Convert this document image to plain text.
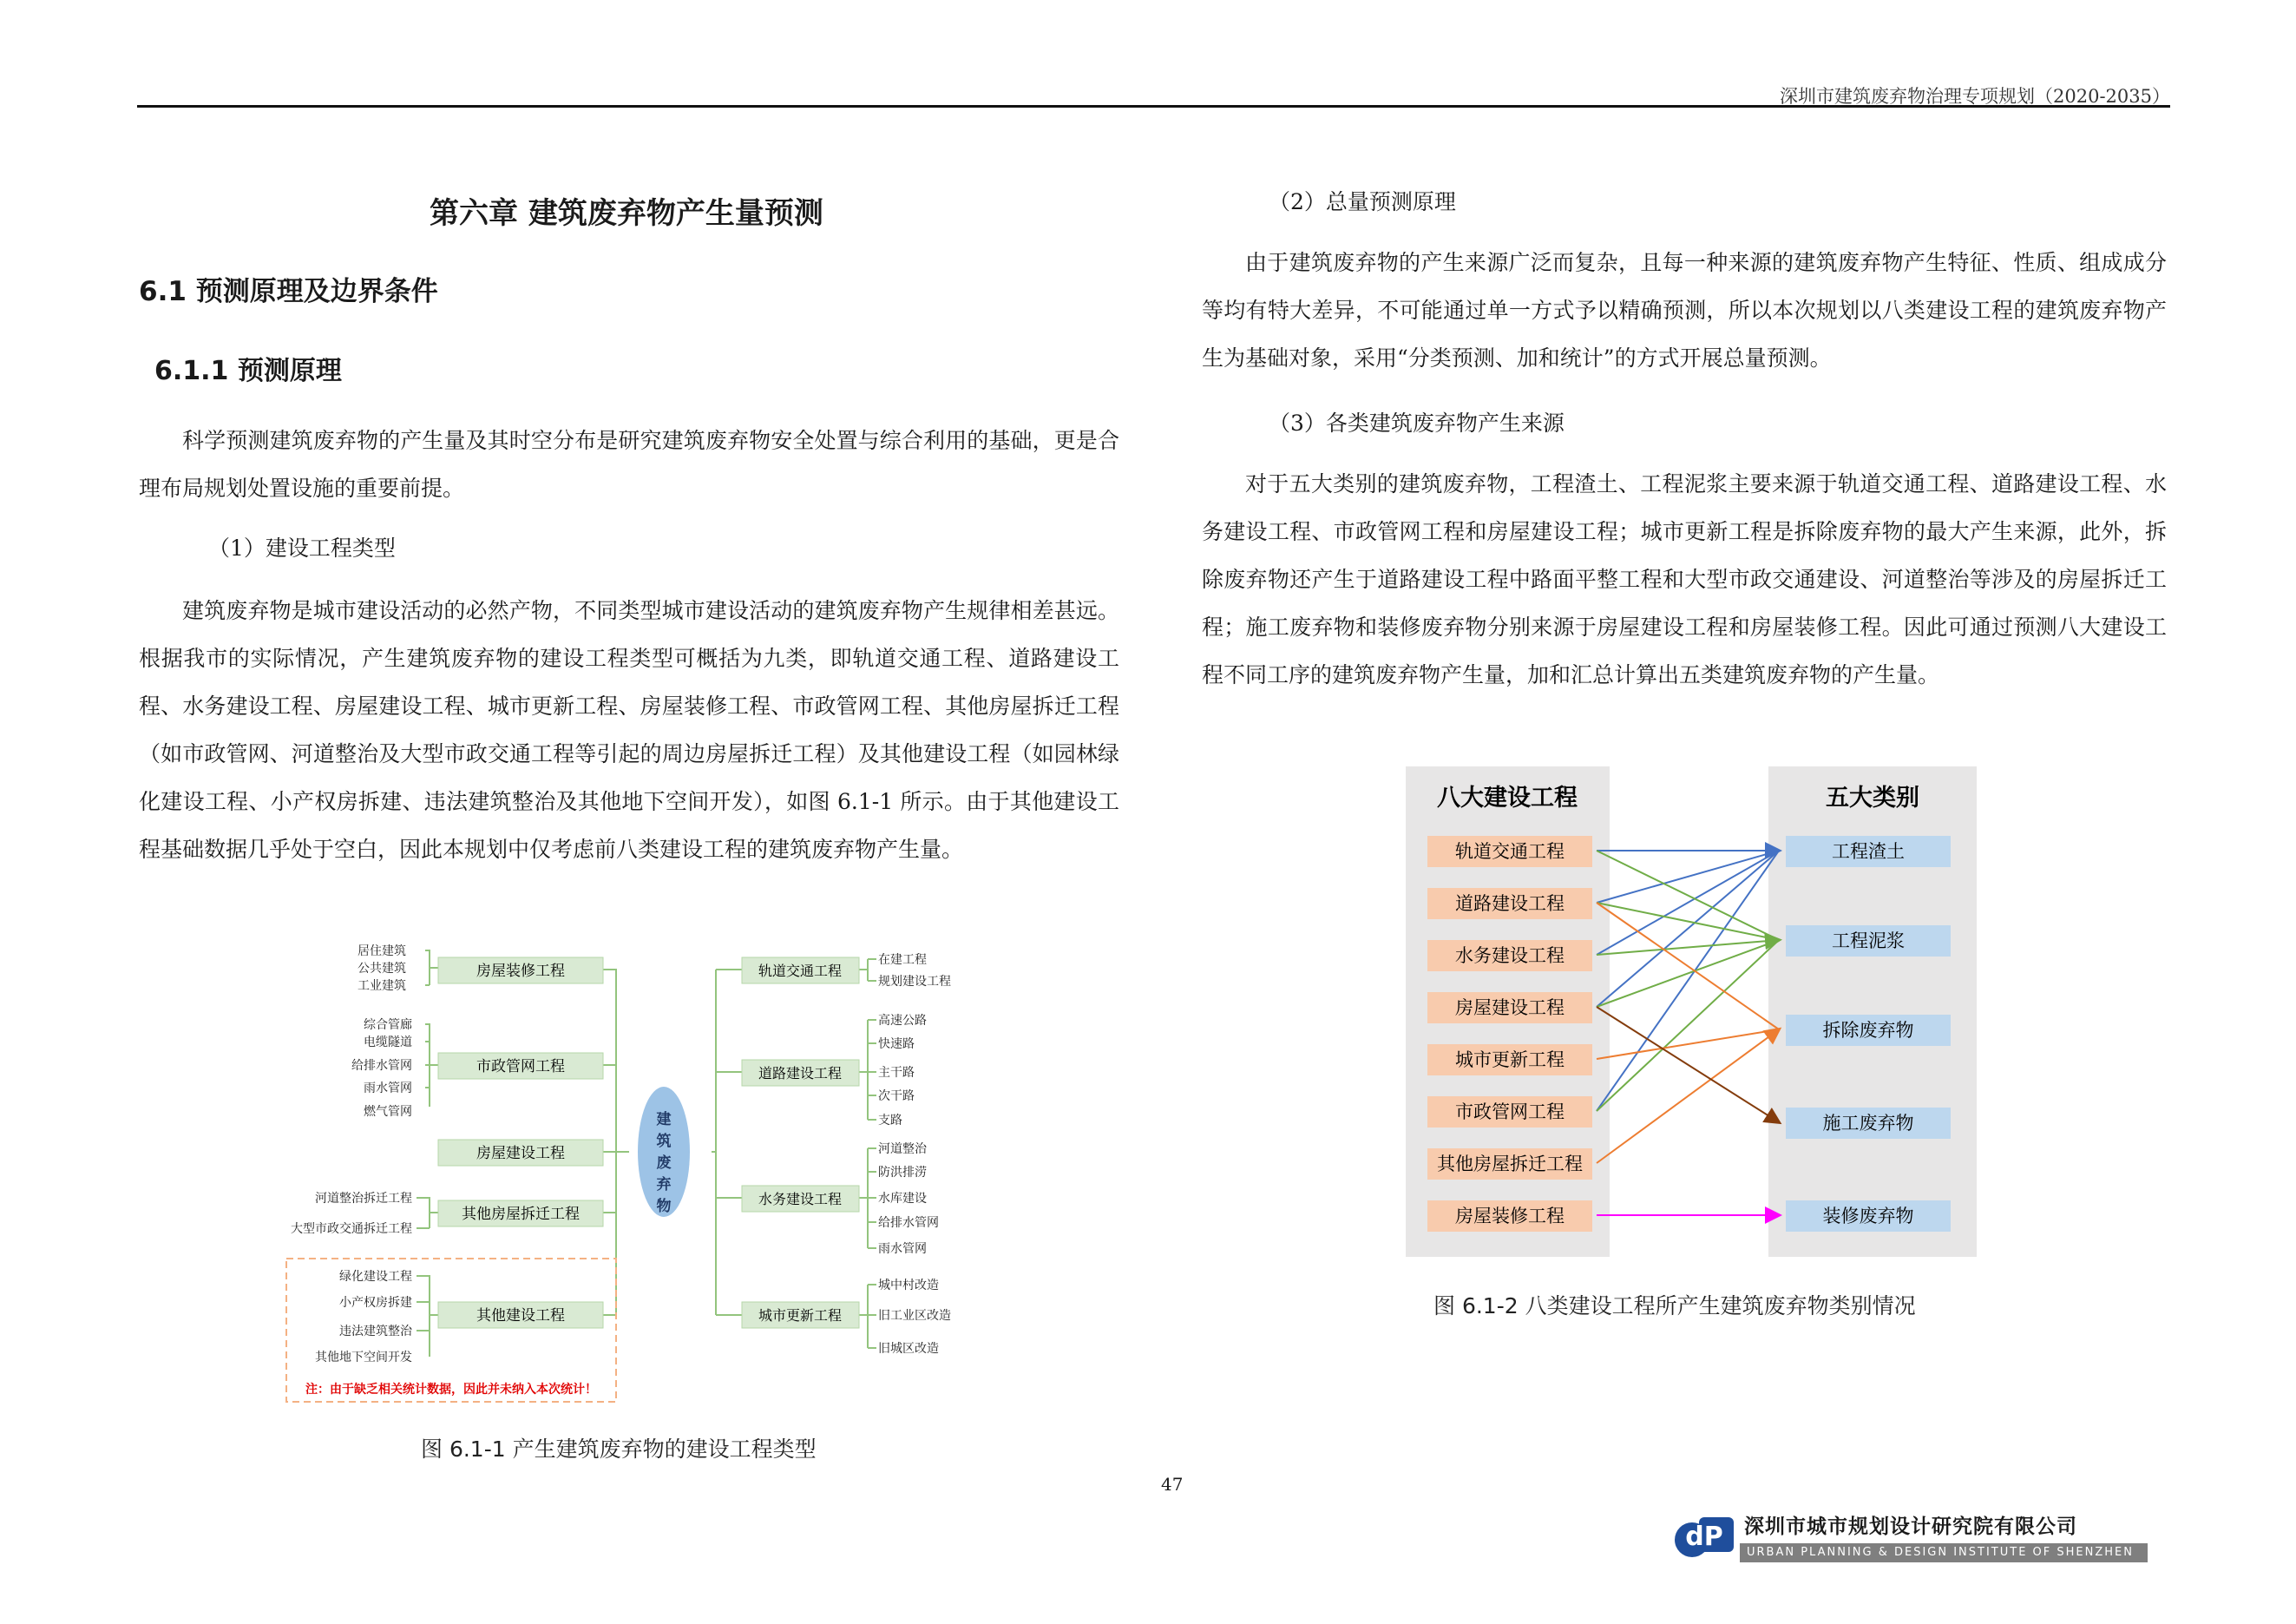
深圳市建筑废弃物治理专项规划（2020-2035）
第六章 建筑废弃物产生量预测
6.1 预测原理及边界条件
6.1.1 预测原理
科学预测建筑废弃物的产生量及其时空分布是研究建筑废弃物安全处置与综合利用的基础，更是合理布局规划处置设施的重要前提。
（1）建设工程类型
建筑废弃物是城市建设活动的必然产物，不同类型城市建设活动的建筑废弃物产生规律相差甚远。根据我市的实际情况，产生建筑废弃物的建设工程类型可概括为九类，即轨道交通工程、道路建设工程、水务建设工程、房屋建设工程、城市更新工程、房屋装修工程、市政管网工程、其他房屋拆迁工程（如市政管网、河道整治及大型市政交通工程等引起的周边房屋拆迁工程）及其他建设工程（如园林绿化建设工程、小产权房拆建、违法建筑整治及其他地下空间开发），如图 6.1-1 所示。由于其他建设工程基础数据几乎处于空白，因此本规划中仅考虑前八类建设工程的建筑废弃物产生量。
（2）总量预测原理
由于建筑废弃物的产生来源广泛而复杂，且每一种来源的建筑废弃物产生特征、性质、组成成分等均有特大差异，不可能通过单一方式予以精确预测，所以本次规划以八类建设工程的建筑废弃物产生为基础对象，采用“分类预测、加和统计”的方式开展总量预测。
（3）各类建筑废弃物产生来源
对于五大类别的建筑废弃物，工程渣土、工程泥浆主要来源于轨道交通工程、道路建设工程、水务建设工程、市政管网工程和房屋建设工程；城市更新工程是拆除废弃物的最大产生来源，此外，拆除废弃物还产生于道路建设工程中路面平整工程和大型市政交通建设、河道整治等涉及的房屋拆迁工程；施工废弃物和装修废弃物分别来源于房屋建设工程和房屋装修工程。因此可通过预测八大建设工程不同工序的建筑废弃物产生量，加和汇总计算出五类建筑废弃物的产生量。
建
筑
废
弃
物
房屋装修工程
市政管网工程
房屋建设工程
其他房屋拆迁工程
其他建设工程
居住建筑
公共建筑
工业建筑
综合管廊
电缆隧道
给排水管网
雨水管网
燃气管网
河道整治拆迁工程
大型市政交通拆迁工程
绿化建设工程
小产权房拆建
违法建筑整治
其他地下空间开发
注：由于缺乏相关统计数据，因此并未纳入本次统计！
轨道交通工程
道路建设工程
水务建设工程
城市更新工程
在建工程
规划建设工程
高速公路
快速路
主干路
次干路
支路
河道整治
防洪排涝
水库建设
给排水管网
雨水管网
城中村改造
旧工业区改造
旧城区改造
图 6.1-1 产生建筑废弃物的建设工程类型
八大建设工程	五大类别
轨道交通工程
道路建设工程
水务建设工程
房屋建设工程
城市更新工程
市政管网工程
其他房屋拆迁工程
房屋装修工程
工程渣土
工程泥浆
拆除废弃物
施工废弃物
装修废弃物
图 6.1-2 八类建设工程所产生建筑废弃物类别情况
47
dP 深圳市城市规划设计研究院有限公司
URBAN PLANNING & DESIGN INSTITUTE OF SHENZHEN
